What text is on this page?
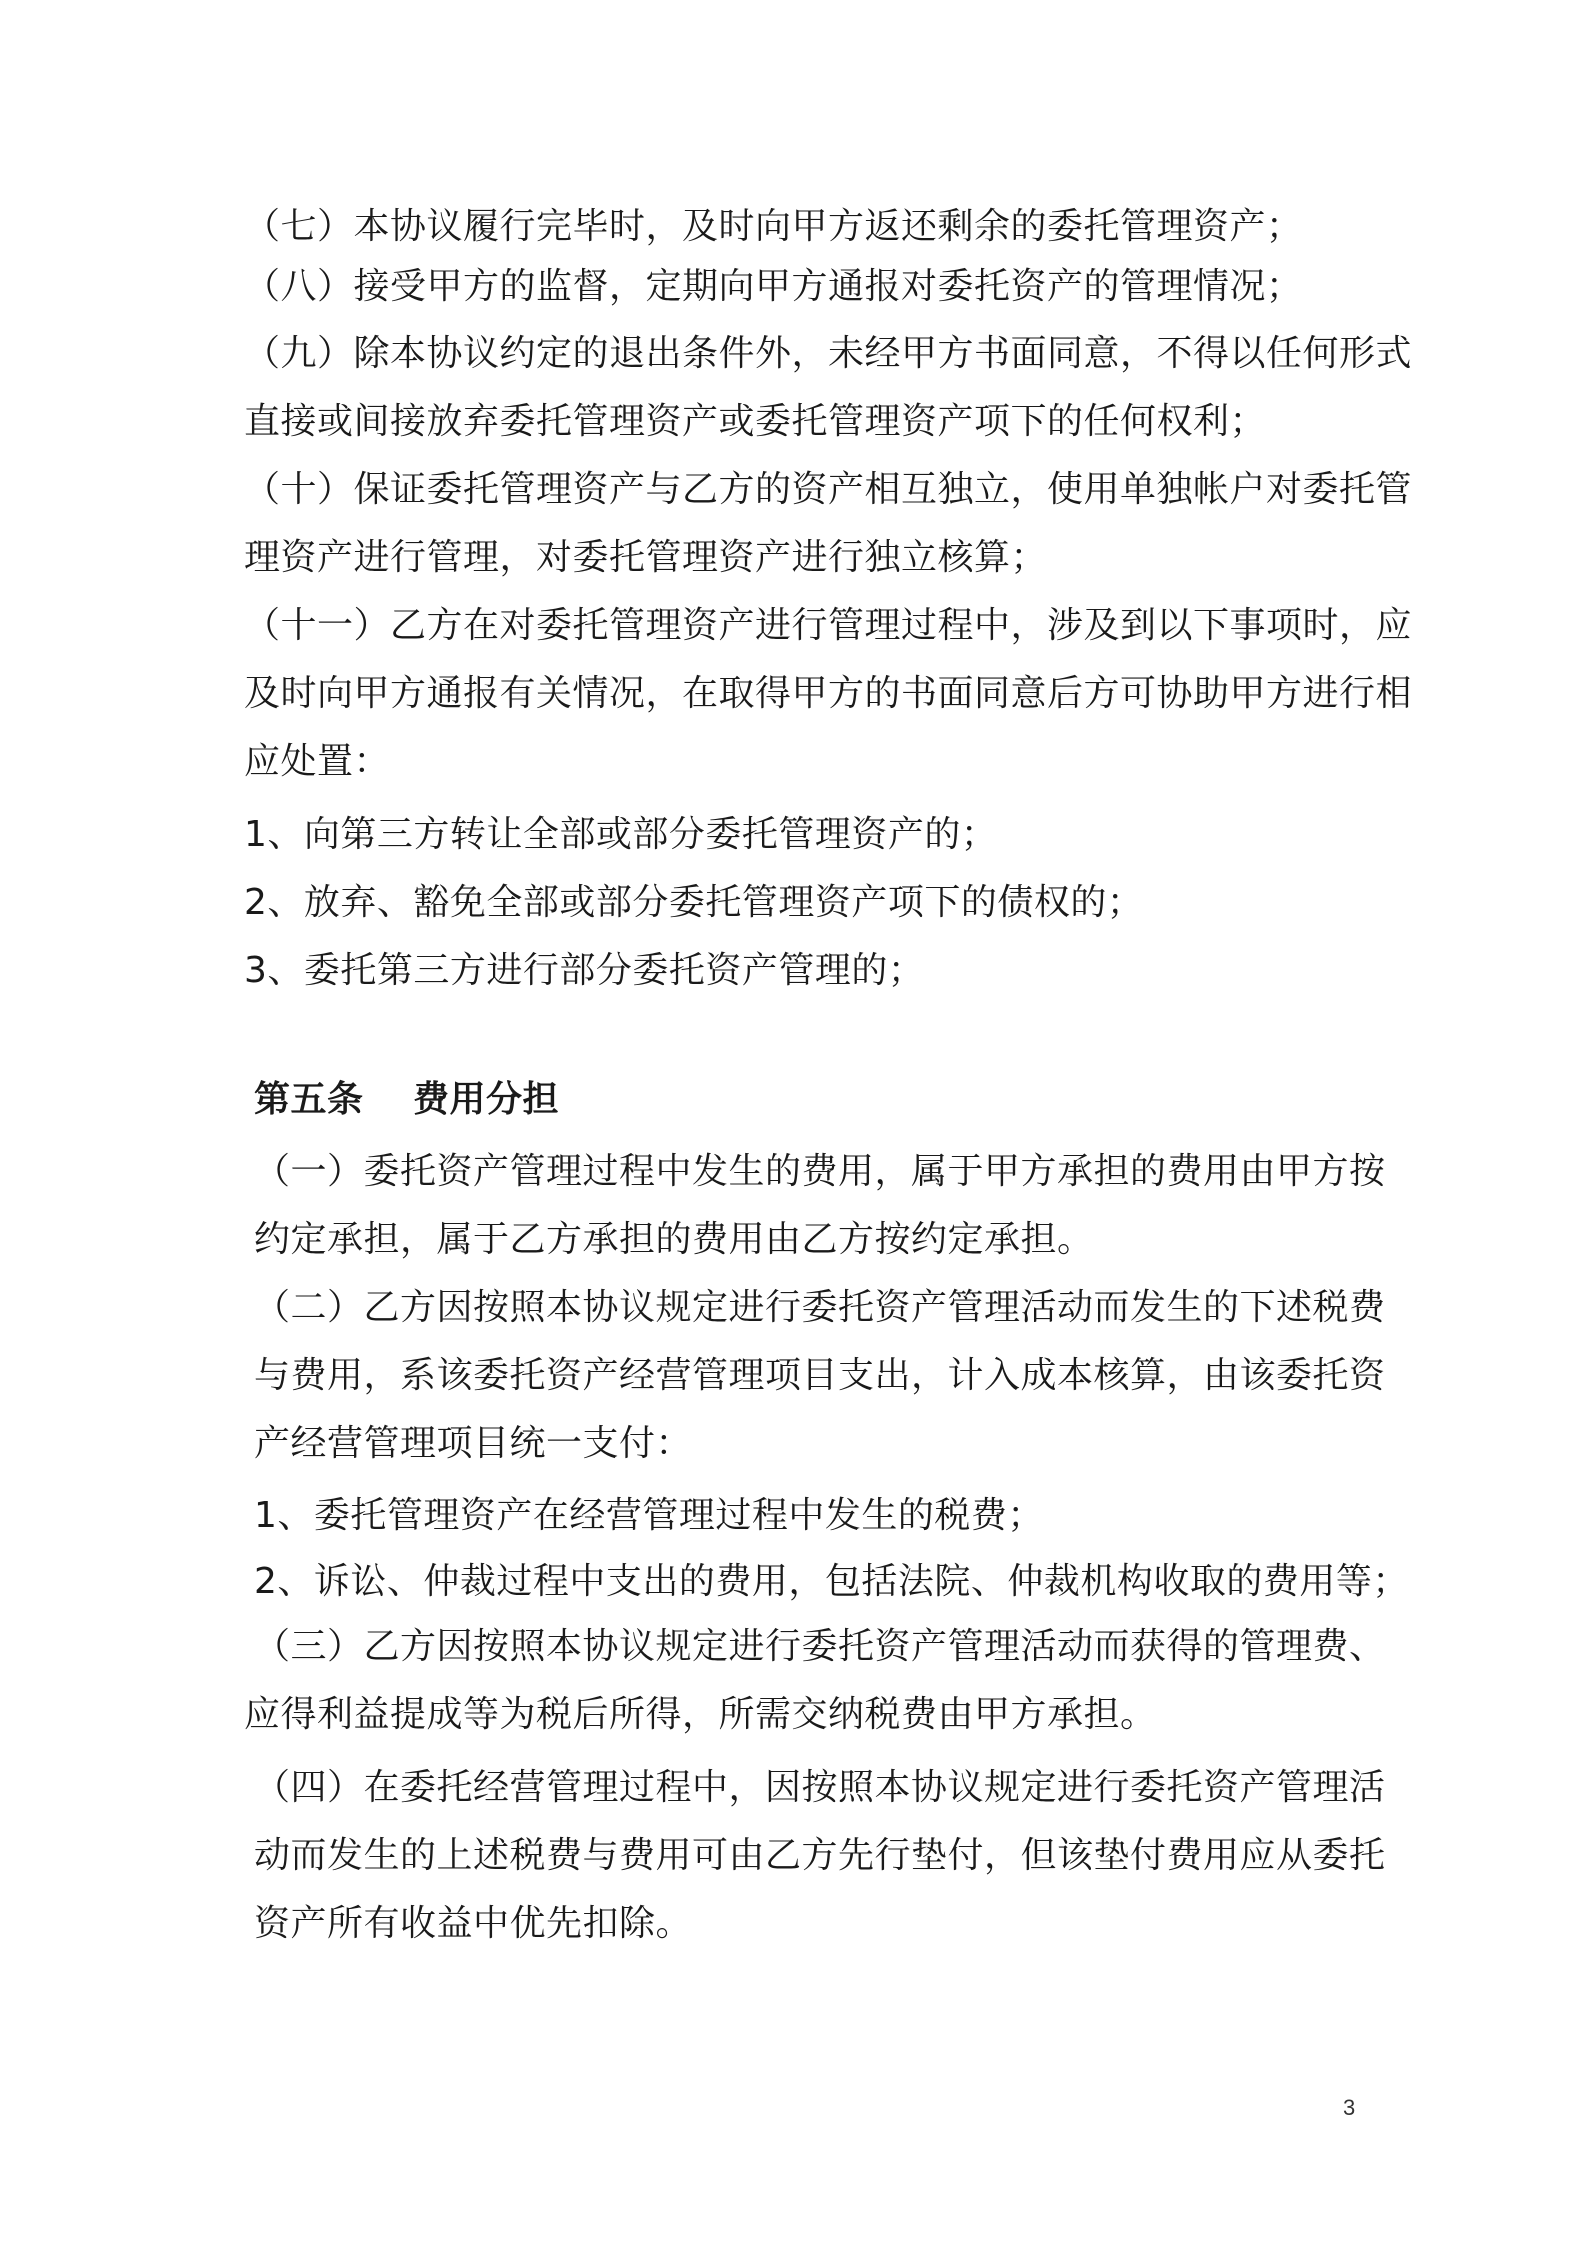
（七）本协议履行完毕时，及时向甲方返还剩余的委托管理资产；
（八）接受甲方的监督，定期向甲方通报对委托资产的管理情况；
（九）除本协议约定的退出条件外，未经甲方书面同意，不得以任何形式
直接或间接放弃委托管理资产或委托管理资产项下的任何权利；
（十）保证委托管理资产与乙方的资产相互独立，使用单独帐户对委托管
理资产进行管理，对委托管理资产进行独立核算；
（十一）乙方在对委托管理资产进行管理过程中，涉及到以下事项时，应
及时向甲方通报有关情况，在取得甲方的书面同意后方可协助甲方进行相
应处置：
1、向第三方转让全部或部分委托管理资产的；
2、放弃、豁免全部或部分委托管理资产项下的债权的；
3、委托第三方进行部分委托资产管理的；
第五条　 费用分担
（一）委托资产管理过程中发生的费用，属于甲方承担的费用由甲方按
约定承担，属于乙方承担的费用由乙方按约定承担。
（二）乙方因按照本协议规定进行委托资产管理活动而发生的下述税费
与费用，系该委托资产经营管理项目支出，计入成本核算，由该委托资
产经营管理项目统一支付：
1、委托管理资产在经营管理过程中发生的税费；
2、诉讼、仲裁过程中支出的费用，包括法院、仲裁机构收取的费用等；
（三）乙方因按照本协议规定进行委托资产管理活动而获得的管理费、
应得利益提成等为税后所得，所需交纳税费由甲方承担。
（四）在委托经营管理过程中，因按照本协议规定进行委托资产管理活
动而发生的上述税费与费用可由乙方先行垫付，但该垫付费用应从委托
资产所有收益中优先扣除。
3
